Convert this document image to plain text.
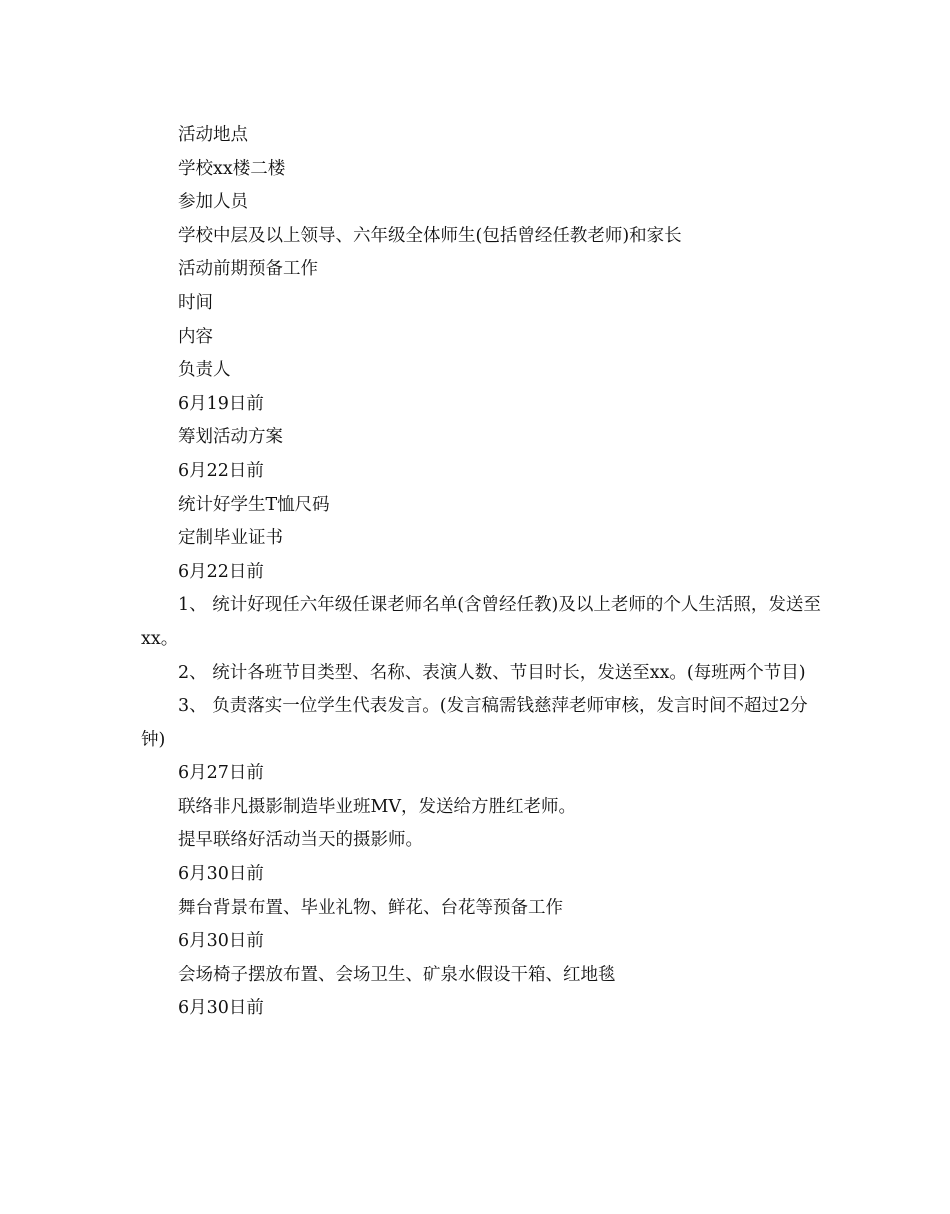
活动地点

学校xx楼二楼

参加人员

学校中层及以上领导、六年级全体师生(包括曾经任教老师)和家长

活动前期预备工作

时间

内容

负责人

6月19日前

筹划活动方案

6月22日前

统计好学生T恤尺码

定制毕业证书

6月22日前

1、 统计好现任六年级任课老师名单(含曾经任教)及以上老师的个人生活照，发送至xx。

2、 统计各班节目类型、名称、表演人数、节目时长，发送至xx。(每班两个节目)

3、 负责落实一位学生代表发言。(发言稿需钱慈萍老师审核，发言时间不超过2分钟)

6月27日前

联络非凡摄影制造毕业班MV，发送给方胜红老师。

提早联络好活动当天的摄影师。

6月30日前

舞台背景布置、毕业礼物、鲜花、台花等预备工作

6月30日前

会场椅子摆放布置、会场卫生、矿泉水假设干箱、红地毯

6月30日前
